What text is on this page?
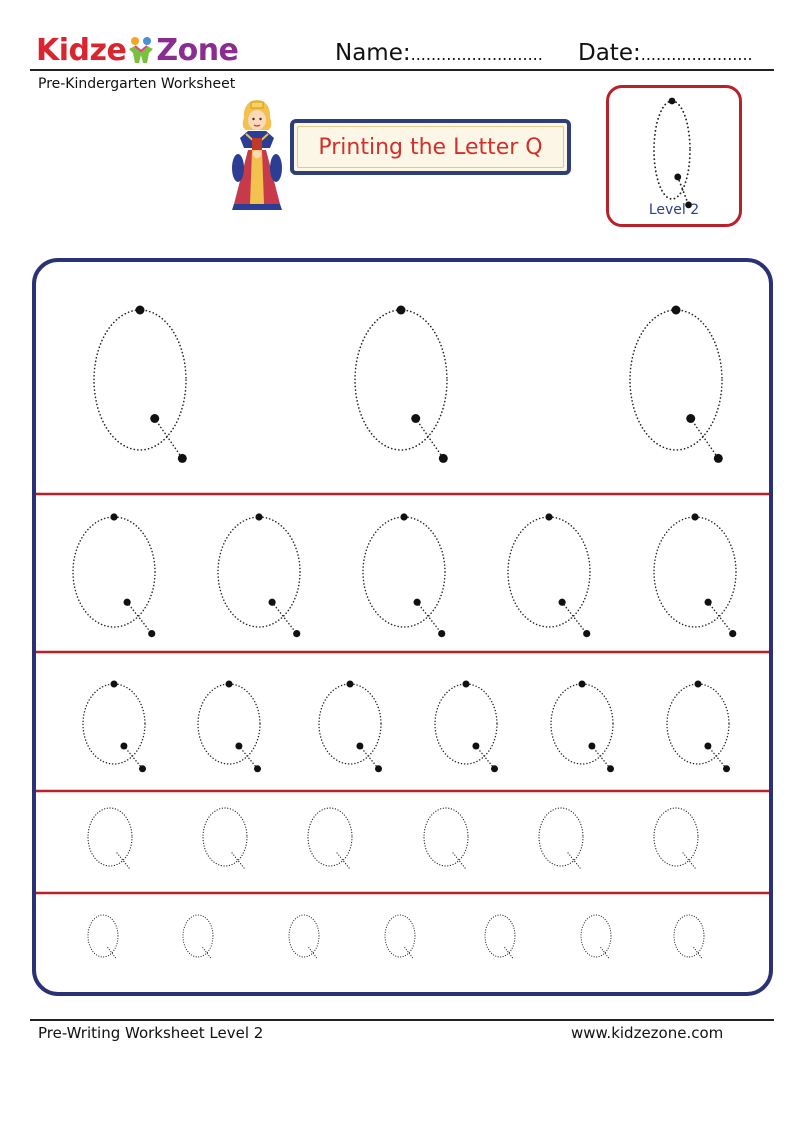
Kidz e Zone	Name:.......................... Date:......................
Pre-Kindergarten Worksheet
Printing the Letter Q
Level 2
Pre-Writing Worksheet Level 2	www.kidzezone.com
